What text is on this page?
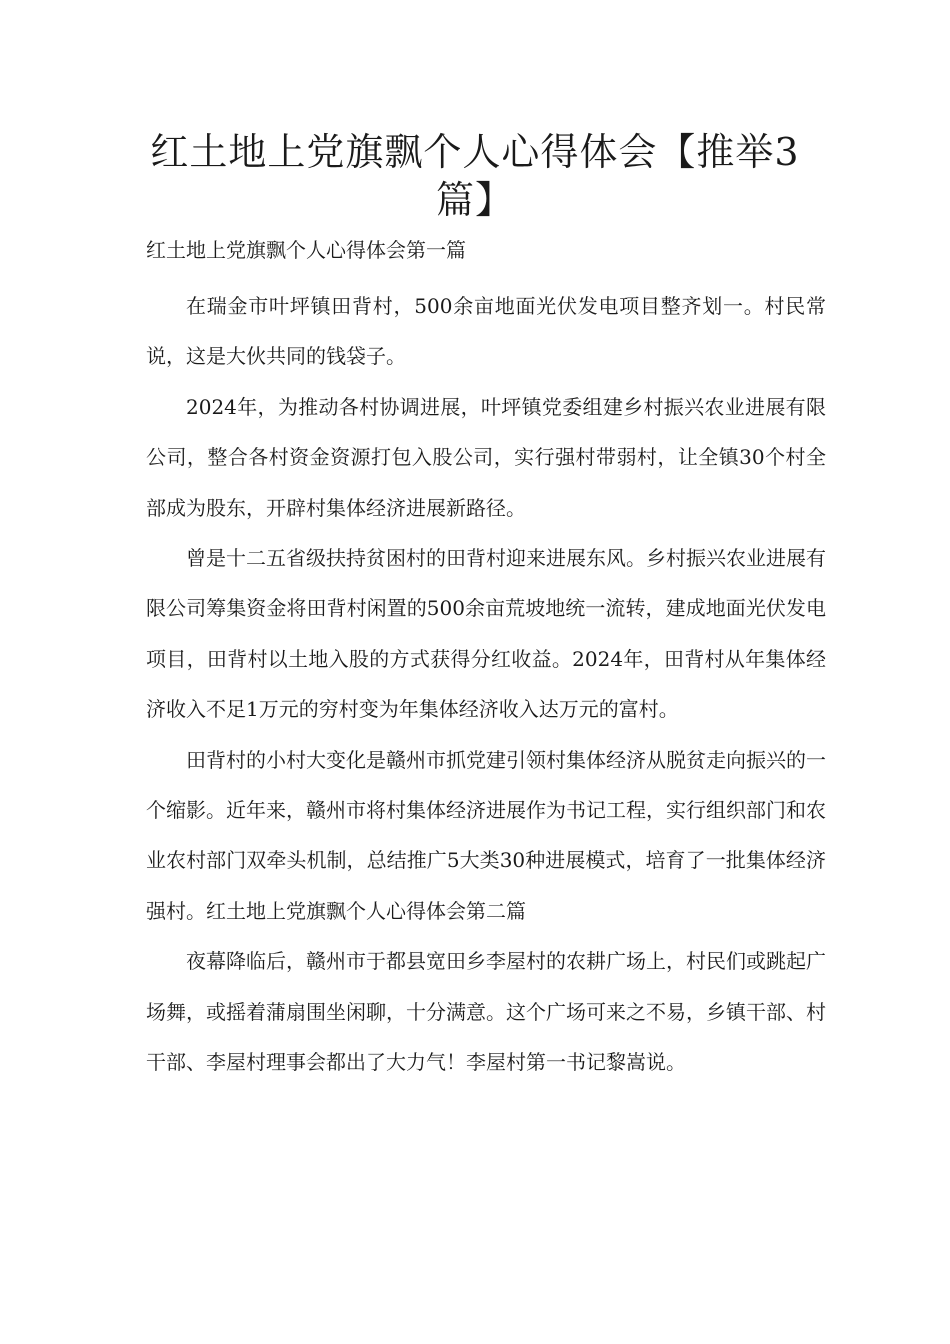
红土地上党旗飘个人心得体会【推举3篇】

红土地上党旗飘个人心得体会第一篇

在瑞金市叶坪镇田背村，500余亩地面光伏发电项目整齐划一。村民常说，这是大伙共同的钱袋子。

2024年，为推动各村协调进展，叶坪镇党委组建乡村振兴农业进展有限公司，整合各村资金资源打包入股公司，实行强村带弱村，让全镇30个村全部成为股东，开辟村集体经济进展新路径。

曾是十二五省级扶持贫困村的田背村迎来进展东风。乡村振兴农业进展有限公司筹集资金将田背村闲置的500余亩荒坡地统一流转，建成地面光伏发电项目，田背村以土地入股的方式获得分红收益。2024年，田背村从年集体经济收入不足1万元的穷村变为年集体经济收入达万元的富村。

田背村的小村大变化是赣州市抓党建引领村集体经济从脱贫走向振兴的一个缩影。近年来，赣州市将村集体经济进展作为书记工程，实行组织部门和农业农村部门双牵头机制，总结推广5大类30种进展模式，培育了一批集体经济强村。红土地上党旗飘个人心得体会第二篇

夜幕降临后，赣州市于都县宽田乡李屋村的农耕广场上，村民们或跳起广场舞，或摇着蒲扇围坐闲聊，十分满意。这个广场可来之不易，乡镇干部、村干部、李屋村理事会都出了大力气！李屋村第一书记黎嵩说。
